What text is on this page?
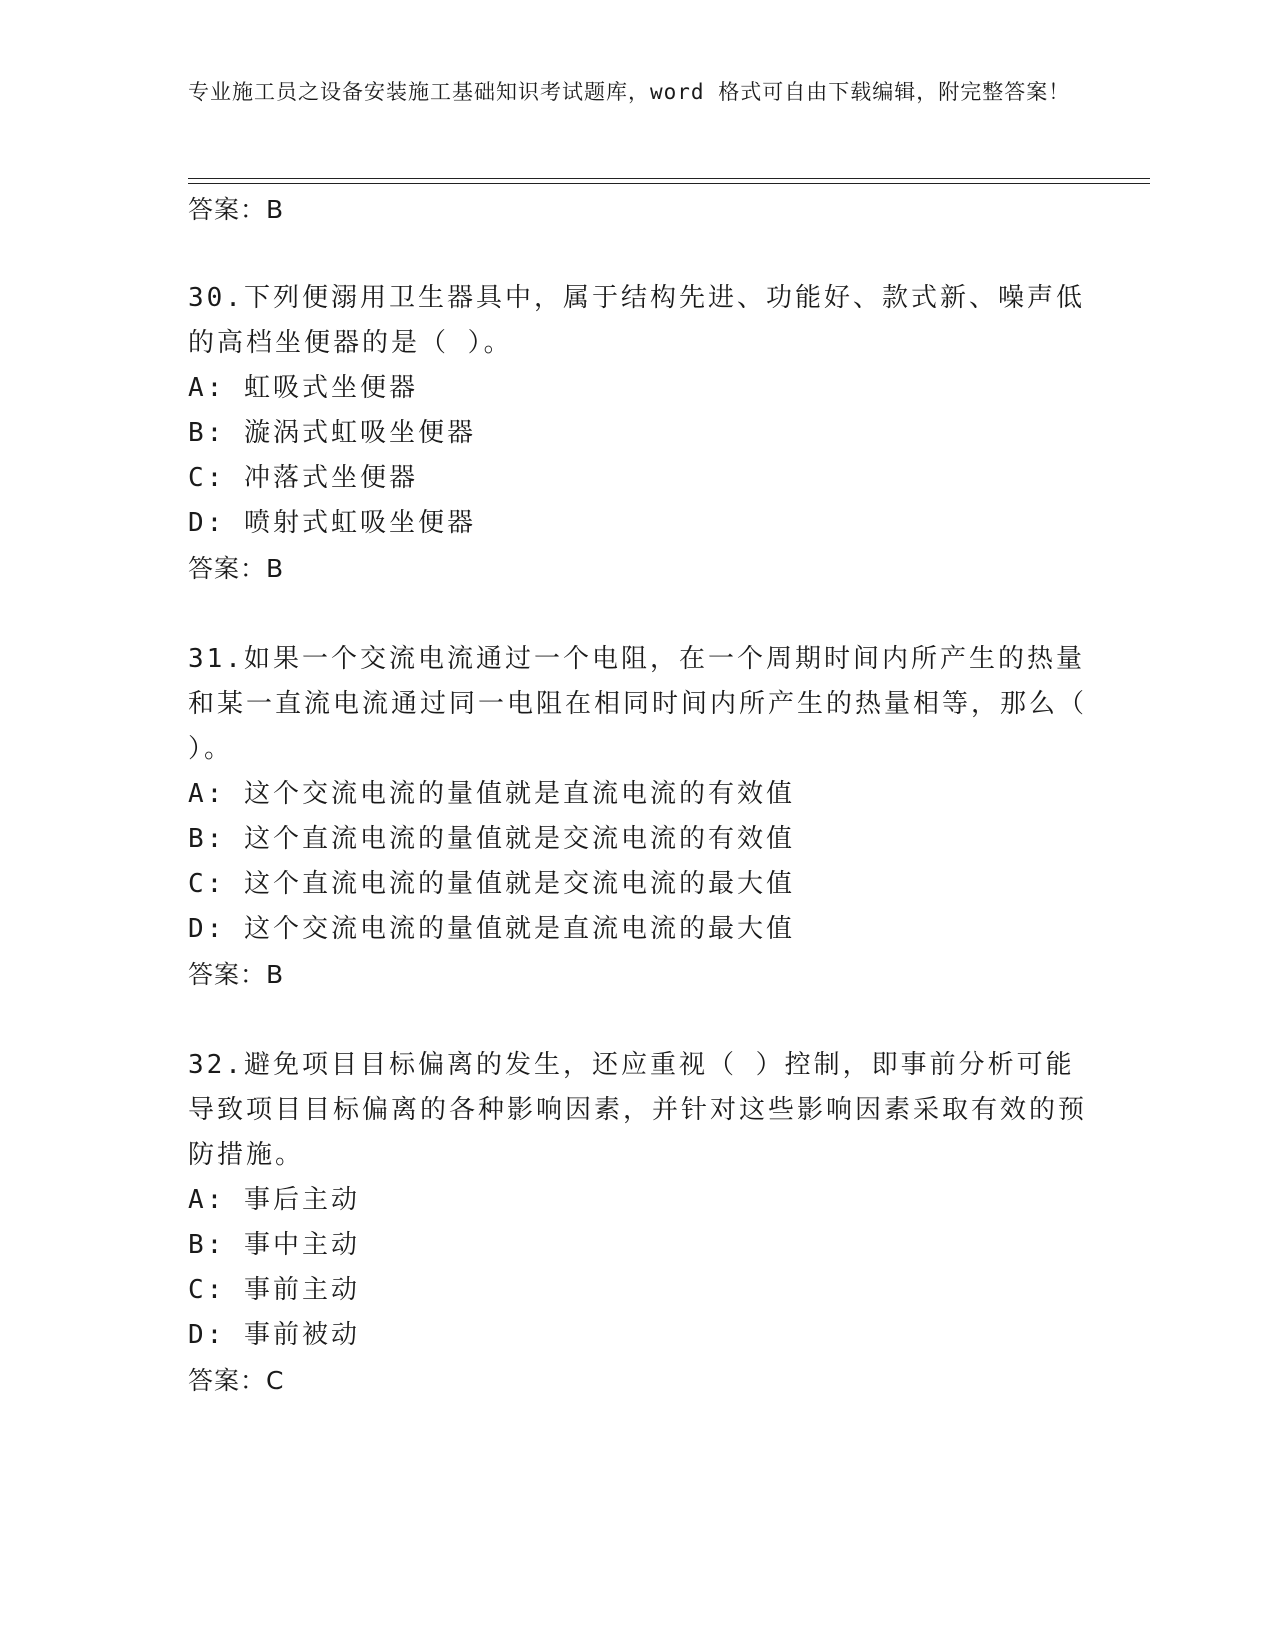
专业施工员之设备安装施工基础知识考试题库，word 格式可自由下载编辑，附完整答案！
答案：B
30.下列便溺用卫生器具中，属于结构先进、功能好、款式新、噪声低的高档坐便器的是（ ）。
A: 虹吸式坐便器
B: 漩涡式虹吸坐便器
C: 冲落式坐便器
D: 喷射式虹吸坐便器
答案：B
31.如果一个交流电流通过一个电阻，在一个周期时间内所产生的热量和某一直流电流通过同一电阻在相同时间内所产生的热量相等，那么（ ）。
A: 这个交流电流的量值就是直流电流的有效值
B: 这个直流电流的量值就是交流电流的有效值
C: 这个直流电流的量值就是交流电流的最大值
D: 这个交流电流的量值就是直流电流的最大值
答案：B
32.避免项目目标偏离的发生，还应重视（ ）控制，即事前分析可能导致项目目标偏离的各种影响因素，并针对这些影响因素采取有效的预防措施。
A: 事后主动
B: 事中主动
C: 事前主动
D: 事前被动
答案：C
